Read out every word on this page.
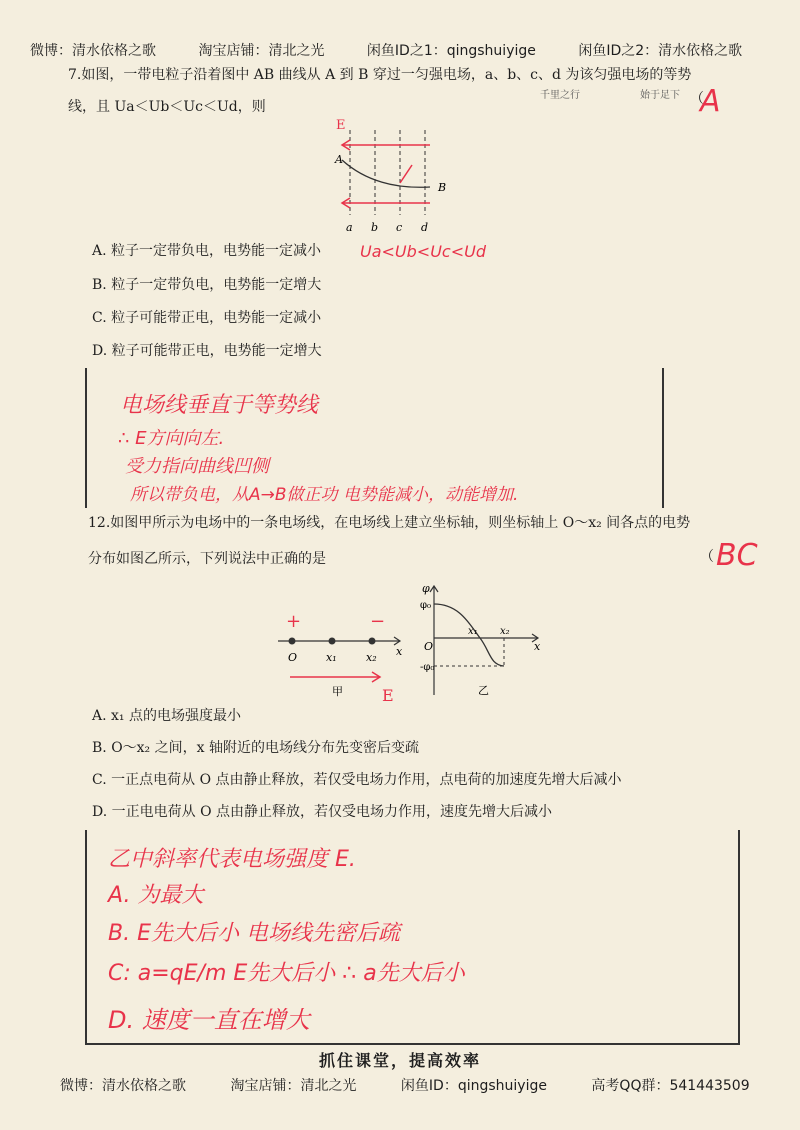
微博：清水依格之歌	淘宝店铺：清北之光	闲鱼ID之1：qingshuiyige	闲鱼ID之2：清水依格之歌
千里之行	始于足下
7.如图，一带电粒子沿着图中 AB 曲线从 A 到 B 穿过一匀强电场，a、b、c、d 为该匀强电场的等势
线，且 Ua＜Ub＜Uc＜Ud，则	（
A
A
B
a b c d
E
A. 粒子一定带负电，电势能一定减小 Ua<Ub<Uc<Ud
B. 粒子一定带负电，电势能一定增大
C. 粒子可能带正电，电势能一定减小
D. 粒子可能带正电，电势能一定增大
电场线垂直于等势线
∴ E方向向左.
受力指向曲线凹侧
所以带负电，从A→B做正功 电势能减小，动能增加.
12.如图甲所示为电场中的一条电场线，在电场线上建立坐标轴，则坐标轴上 O～x₂ 间各点的电势
分布如图乙所示，下列说法中正确的是	（ BC
O	x₁	x₂ x
+	−
E
甲
φ
φ₀
-φ₀
O
x₁ x₂
x
乙
A. x₁ 点的电场强度最小
B. O～x₂ 之间，x 轴附近的电场线分布先变密后变疏
C. 一正点电荷从 O 点由静止释放，若仅受电场力作用，点电荷的加速度先增大后减小
D. 一正电电荷从 O 点由静止释放，若仅受电场力作用，速度先增大后减小
乙中斜率代表电场强度 E.
A. 为最大
B. E先大后小 电场线先密后疏
C: a=qE/m E先大后小 ∴ a先大后小
D. 速度一直在增大
抓住课堂，提高效率
微博：清水依格之歌	淘宝店铺：清北之光	闲鱼ID：qingshuiyige	高考QQ群：541443509
